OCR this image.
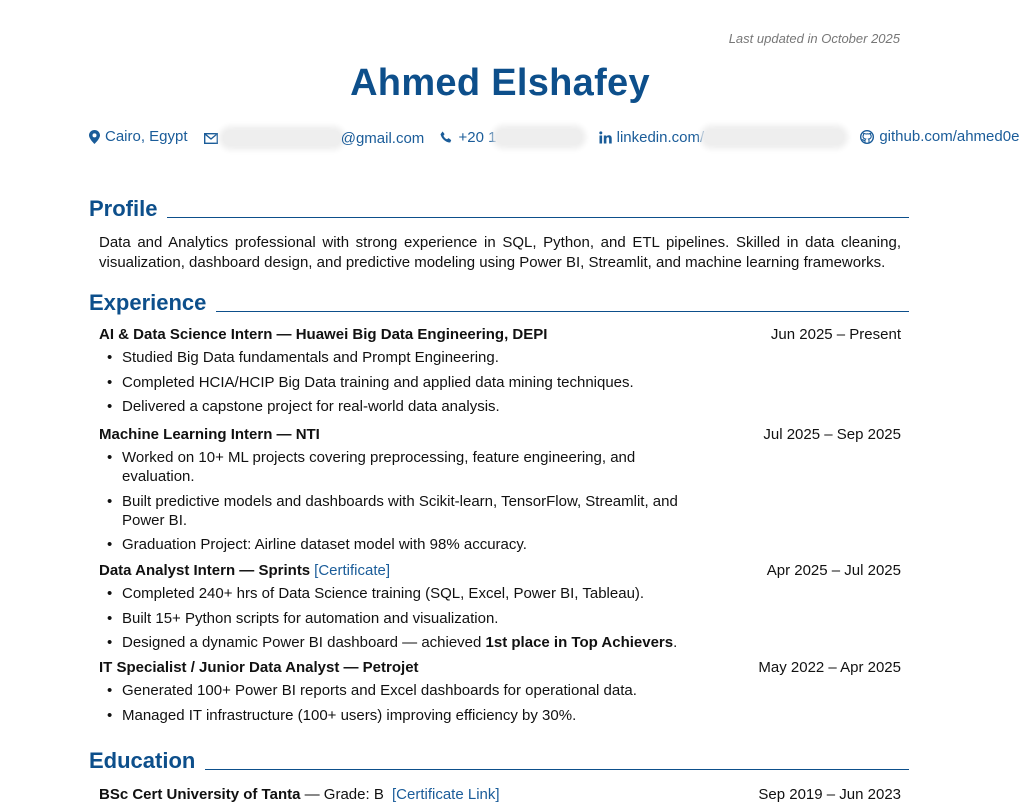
Last updated in October 2025
Ahmed Elshafey
Cairo, Egypt
	@gmail.com
+20 1
	linkedin.com/
	github.com/ahmed0e
Profile
Data and Analytics professional with strong experience in SQL, Python, and ETL pipelines. Skilled in data cleaning, visualization, dashboard design, and predictive modeling using Power BI, Streamlit, and machine learning frameworks.
Experience
AI & Data Science Intern — Huawei Big Data Engineering, DEPI	Jun 2025 – Present
• Studied Big Data fundamentals and Prompt Engineering.
• Completed HCIA/HCIP Big Data training and applied data mining techniques.
• Delivered a capstone project for real-world data analysis.
Machine Learning Intern — NTI	Jul 2025 – Sep 2025
• Worked on 10+ ML projects covering preprocessing, feature engineering, and evaluation.
• Built predictive models and dashboards with Scikit-learn, TensorFlow, Streamlit, and Power BI.
• Graduation Project: Airline dataset model with 98% accuracy.
Data Analyst Intern — Sprints [Certificate]	Apr 2025 – Jul 2025
• Completed 240+ hrs of Data Science training (SQL, Excel, Power BI, Tableau).
• Built 15+ Python scripts for automation and visualization.
• Designed a dynamic Power BI dashboard — achieved 1st place in Top Achievers.
IT Specialist / Junior Data Analyst — Petrojet	May 2022 – Apr 2025
• Generated 100+ Power BI reports and Excel dashboards for operational data.
• Managed IT infrastructure (100+ users) improving efficiency by 30%.
Education
BSc Cert University of Tanta — Grade: B [Certificate Link]	Sep 2019 – Jun 2023
